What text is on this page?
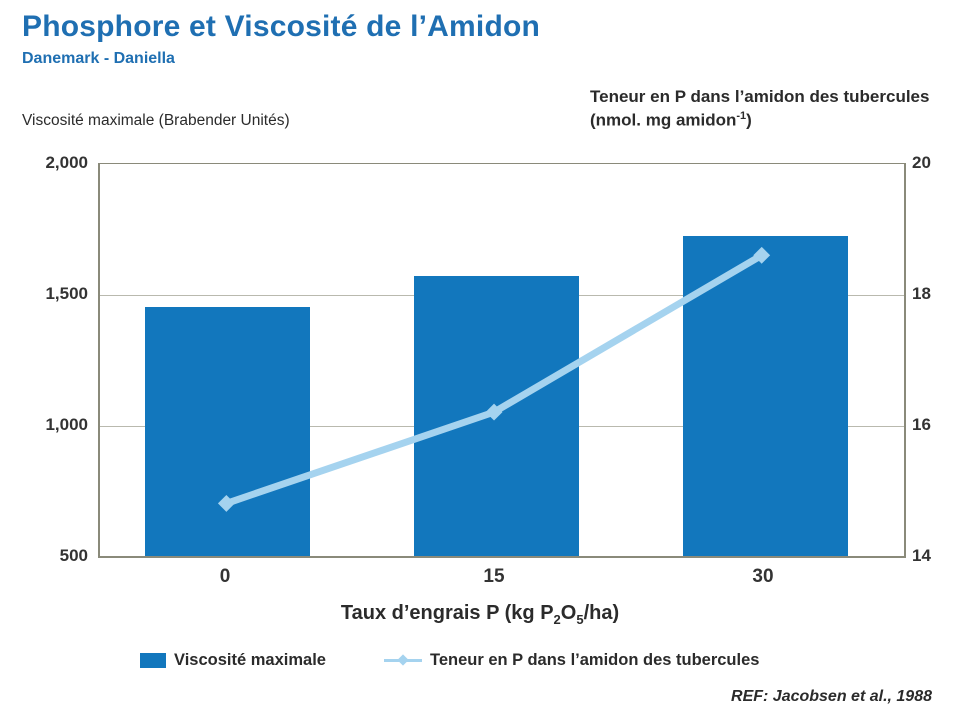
Phosphore et Viscosité de l’Amidon
Danemark - Daniella
Viscosité maximale (Brabender Unités)
Teneur en P dans l’amidon des tubercules (nmol. mg amidon$^{-1}$)
2,000
1,500
1,000
500
20
18
16
14
0	15	30
Taux d’engrais P (kg $P_2O_5/ha$)
Viscosité maximale	Teneur en P dans l’amidon des tubercules
REF: Jacobsen et al., 1988
